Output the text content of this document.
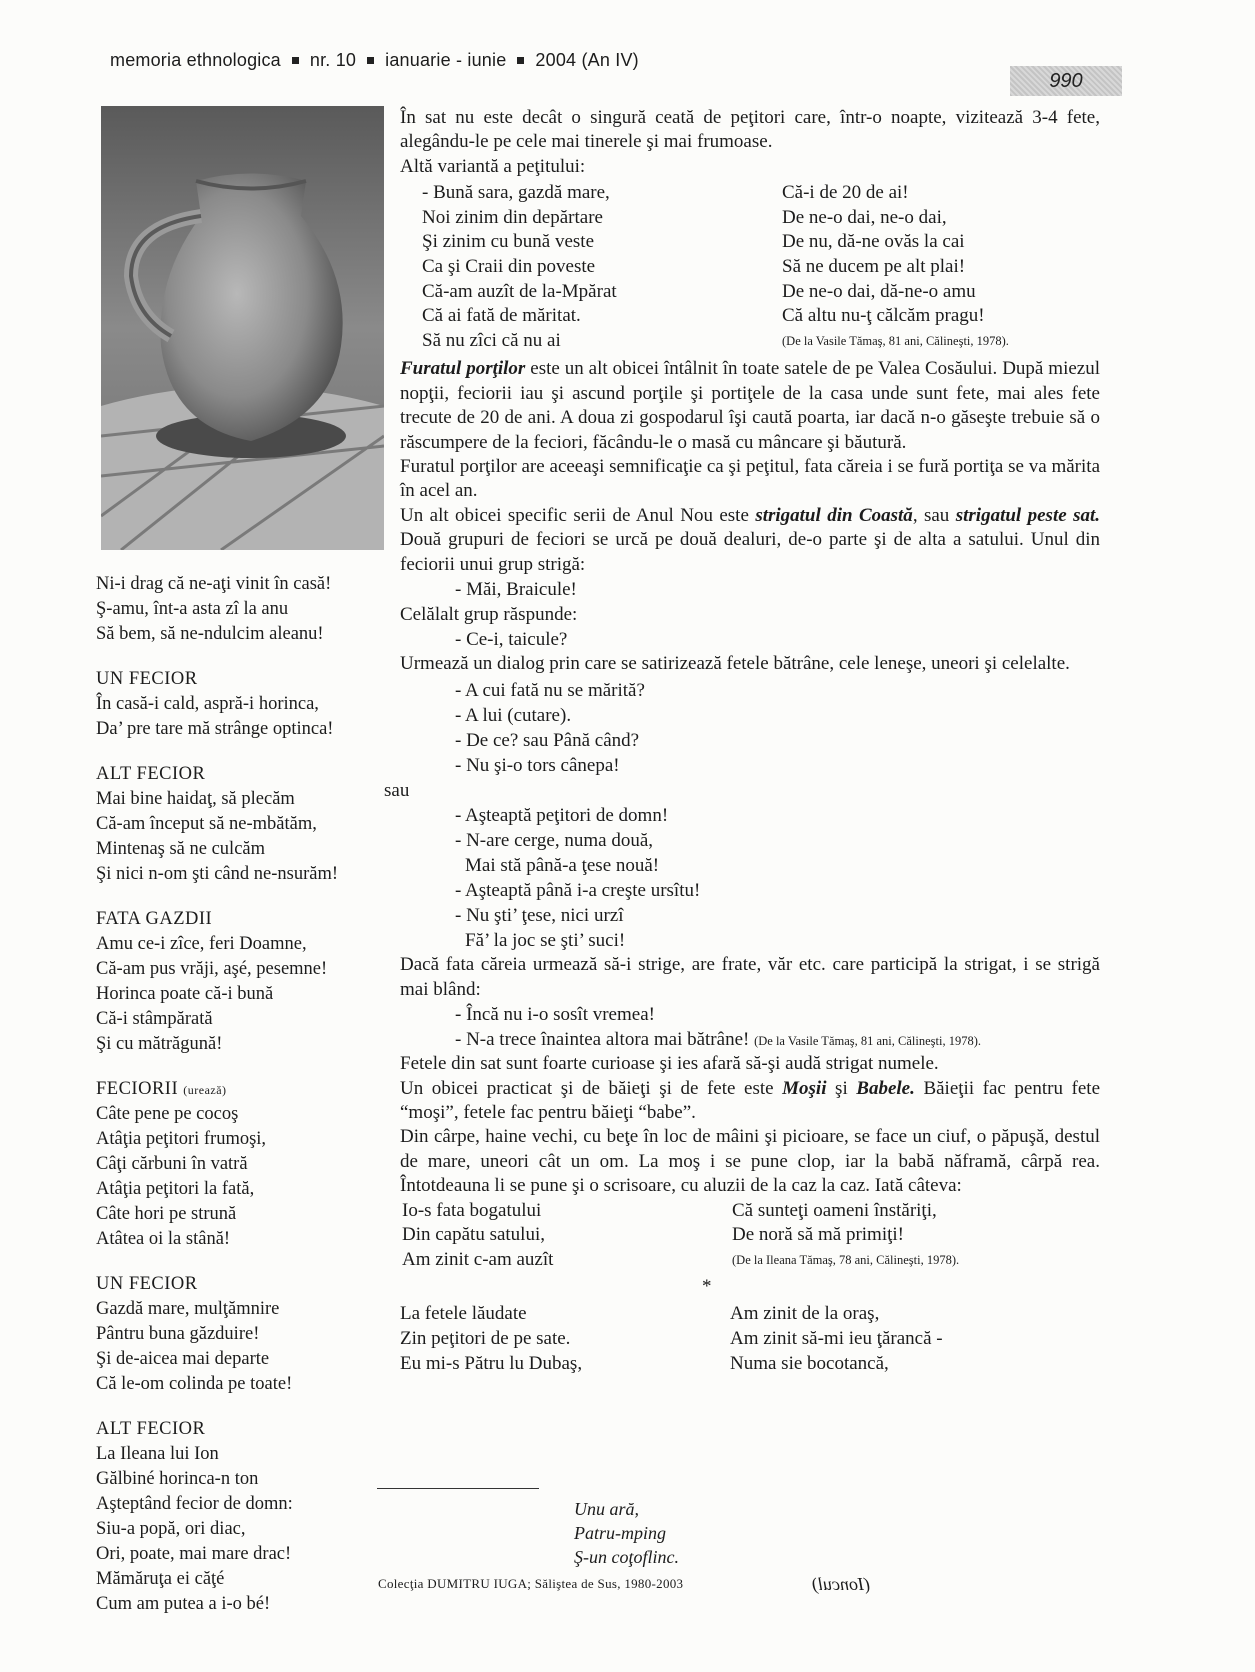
memoria ethnologica nr. 10 ianuarie - iunie 2004 (An IV)
990
Ni-i drag că ne-aţi vinit în casă!
Ş-amu, înt-a asta zî la anu
Să bem, să ne-ndulcim aleanu!
UN FECIOR
În casă-i cald, aspră-i horinca,
Da’ pre tare mă strânge optinca!
ALT FECIOR
Mai bine haidaţ, să plecăm
Că-am început să ne-mbătăm,
Mintenaş să ne culcăm
Şi nici n-om şti când ne-nsurăm!
FATA GAZDII
Amu ce-i zîce, feri Doamne,
Că-am pus vrăji, aşé, pesemne!
Horinca poate că-i bună
Că-i stâmpărată
Şi cu mătrăgună!
FECIORII (urează)
Câte pene pe cocoş
Atâţia peţitori frumoşi,
Câţi cărbuni în vatră
Atâţia peţitori la fată,
Câte hori pe strună
Atâtea oi la stână!
UN FECIOR
Gazdă mare, mulţămnire
Pântru buna găzduire!
Şi de-aicea mai departe
Că le-om colinda pe toate!
ALT FECIOR
La Ileana lui Ion
Gălbiné horinca-n ton
Aşteptând fecior de domn:
Siu-a popă, ori diac,
Ori, poate, mai mare drac!
Mămăruţa ei căţé
Cum am putea a i-o bé!
În sat nu este decât o singură ceată de peţitori care, într-o noapte, vizitează 3-4 fete, alegându-le pe cele mai tinerele şi mai frumoase.
Altă variantă a peţitului:
- Bună sara, gazdă mare,
Noi zinim din depărtare
Şi zinim cu bună veste
Ca şi Craii din poveste
Că-am auzît de la-Mpărat
Că ai fată de măritat.
Să nu zîci că nu ai
Că-i de 20 de ai!
De ne-o dai, ne-o dai,
De nu, dă-ne ovăs la cai
Să ne ducem pe alt plai!
De ne-o dai, dă-ne-o amu
Că altu nu-ţ călcăm pragu!
(De la Vasile Tămaş, 81 ani, Călineşti, 1978).
Furatul porţilor este un alt obicei întâlnit în toate satele de pe Valea Cosăului. După miezul nopţii, feciorii iau şi ascund porţile şi portiţele de la casa unde sunt fete, mai ales fete trecute de 20 de ani. A doua zi gospodarul îşi caută poarta, iar dacă n-o găseşte trebuie să o răscumpere de la feciori, făcându-le o masă cu mâncare şi băutură.
Furatul porţilor are aceeaşi semnificaţie ca şi peţitul, fata căreia i se fură portiţa se va mărita în acel an.
Un alt obicei specific serii de Anul Nou este strigatul din Coastă, sau strigatul peste sat. Două grupuri de feciori se urcă pe două dealuri, de-o parte şi de alta a satului. Unul din feciorii unui grup strigă:
- Măi, Braicule!
Celălalt grup răspunde:
- Ce-i, taicule?
Urmează un dialog prin care se satirizează fetele bătrâne, cele leneşe, uneori şi celelalte.
- A cui fată nu se mărită?
- A lui (cutare).
- De ce? sau Până când?
- Nu şi-o tors cânepa!
sau
- Aşteaptă peţitori de domn!
- N-are cerge, numa două,
Mai stă până-a ţese nouă!
- Aşteaptă până i-a creşte ursîtu!
- Nu şti’ ţese, nici urzî
Fă’ la joc se şti’ suci!
Dacă fata căreia urmează să-i strige, are frate, văr etc. care participă la strigat, i se strigă mai blând:
- Încă nu i-o sosît vremea!
- N-a trece înaintea altora mai bătrâne! (De la Vasile Tămaş, 81 ani, Călineşti, 1978).
Fetele din sat sunt foarte curioase şi ies afară să-şi audă strigat numele.
Un obicei practicat şi de băieţi şi de fete este Moşii şi Babele. Băieţii fac pentru fete “moşi”, fetele fac pentru băieţi “babe”.
Din cârpe, haine vechi, cu beţe în loc de mâini şi picioare, se face un ciuf, o păpuşă, destul de mare, uneori cât un om. La moş i se pune clop, iar la babă năframă, cârpă rea. Întotdeauna li se pune şi o scrisoare, cu aluzii de la caz la caz. Iată câteva:
Io-s fata bogatului
Din capătu satului,
Am zinit c-am auzît
Că sunteţi oameni înstăriţi,
De noră să mă primiţi!
(De la Ileana Tămaş, 78 ani, Călineşti, 1978).
*
La fetele lăudate
Zin peţitori de pe sate.
Eu mi-s Pătru lu Dubaş,
Am zinit de la oraş,
Am zinit să-mi ieu ţărancă -
Numa sie bocotancă,
Unu ară,
Patru-mping
Ş-un coţoflinc.
Colecţia DUMITRU IUGA; Săliştea de Sus, 1980-2003	(Ioncul)
